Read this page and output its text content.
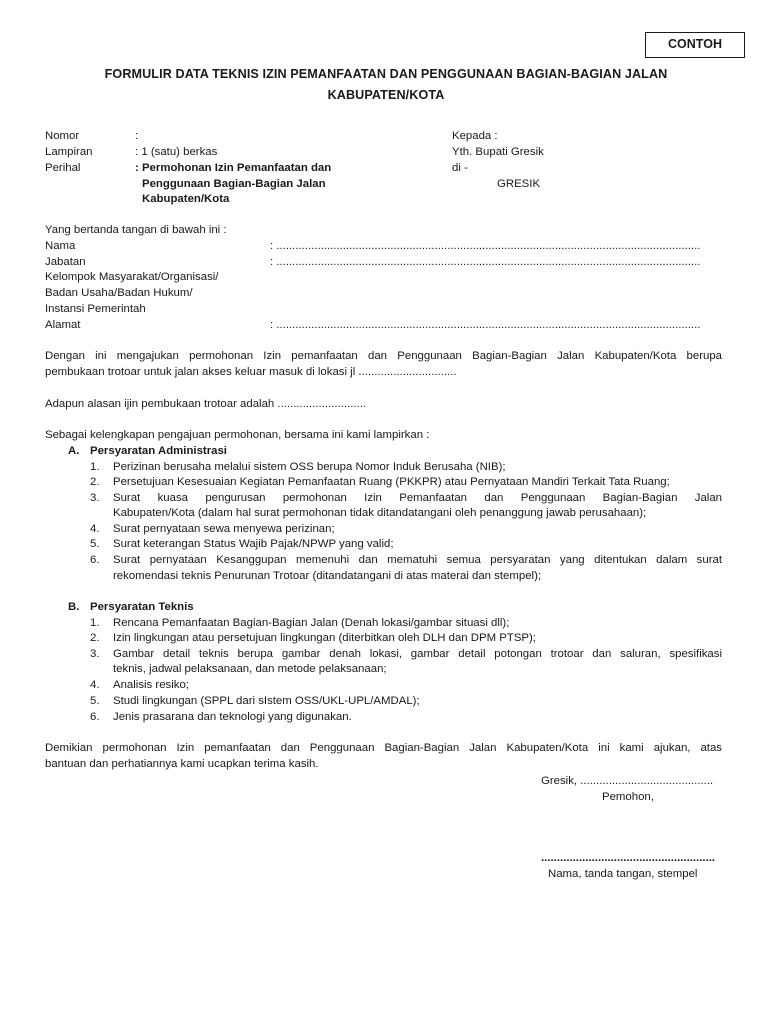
CONTOH
FORMULIR DATA TEKNIS IZIN PEMANFAATAN DAN PENGGUNAAN BAGIAN-BAGIAN JALAN
KABUPATEN/KOTA
Nomor	:
Lampiran	: 1 (satu) berkas
Perihal	: Permohonan Izin Pemanfaatan dan
Penggunaan Bagian-Bagian Jalan
Kabupaten/Kota
Kepada :
Yth. Bupati Gresik
di -
GRESIK
Yang bertanda tangan di bawah ini :
Nama	: ......................................................................................................................................
Jabatan	: ......................................................................................................................................
Kelompok Masyarakat/Organisasi/
Badan Usaha/Badan Hukum/
Instansi Pemerintah
Alamat	: ......................................................................................................................................
Dengan ini mengajukan permohonan Izin pemanfaatan dan Penggunaan Bagian-Bagian Jalan Kabupaten/Kota berupa
pembukaan trotoar untuk jalan akses keluar masuk di lokasi jl ...............................
Adapun alasan ijin pembukaan trotoar adalah ............................
Sebagai kelengkapan pengajuan permohonan, bersama ini kami lampirkan :
A. Persyaratan Administrasi
1. Perizinan berusaha melalui sistem OSS berupa Nomor Induk Berusaha (NIB);
2. Persetujuan Kesesuaian Kegiatan Pemanfaatan Ruang (PKKPR) atau Pernyataan Mandiri Terkait Tata Ruang;
3. Surat kuasa pengurusan permohonan Izin Pemanfaatan dan Penggunaan Bagian-Bagian Jalan
Kabupaten/Kota (dalam hal surat permohonan tidak ditandatangani oleh penanggung jawab perusahaan);
4. Surat pernyataan sewa menyewa perizinan;
5. Surat keterangan Status Wajib Pajak/NPWP yang valid;
6. Surat pernyataan Kesanggupan memenuhi dan mematuhi semua persyaratan yang ditentukan dalam surat
rekomendasi teknis Penurunan Trotoar (ditandatangani di atas materai dan stempel);
B. Persyaratan Teknis
1. Rencana Pemanfaatan Bagian-Bagian Jalan (Denah lokasi/gambar situasi dll);
2. Izin lingkungan atau persetujuan lingkungan (diterbitkan oleh DLH dan DPM PTSP);
3. Gambar detail teknis berupa gambar denah lokasi, gambar detail potongan trotoar dan saluran, spesifikasi
teknis, jadwal pelaksanaan, dan metode pelaksanaan;
4. Analisis resiko;
5. Studi lingkungan (SPPL dari sIstem OSS/UKL-UPL/AMDAL);
6. Jenis prasarana dan teknologi yang digunakan.
Demikian permohonan Izin pemanfaatan dan Penggunaan Bagian-Bagian Jalan Kabupaten/Kota ini kami ajukan, atas
bantuan dan perhatiannya kami ucapkan terima kasih.
Gresik, ..........................................
Pemohon,
.......................................................
Nama, tanda tangan, stempel
